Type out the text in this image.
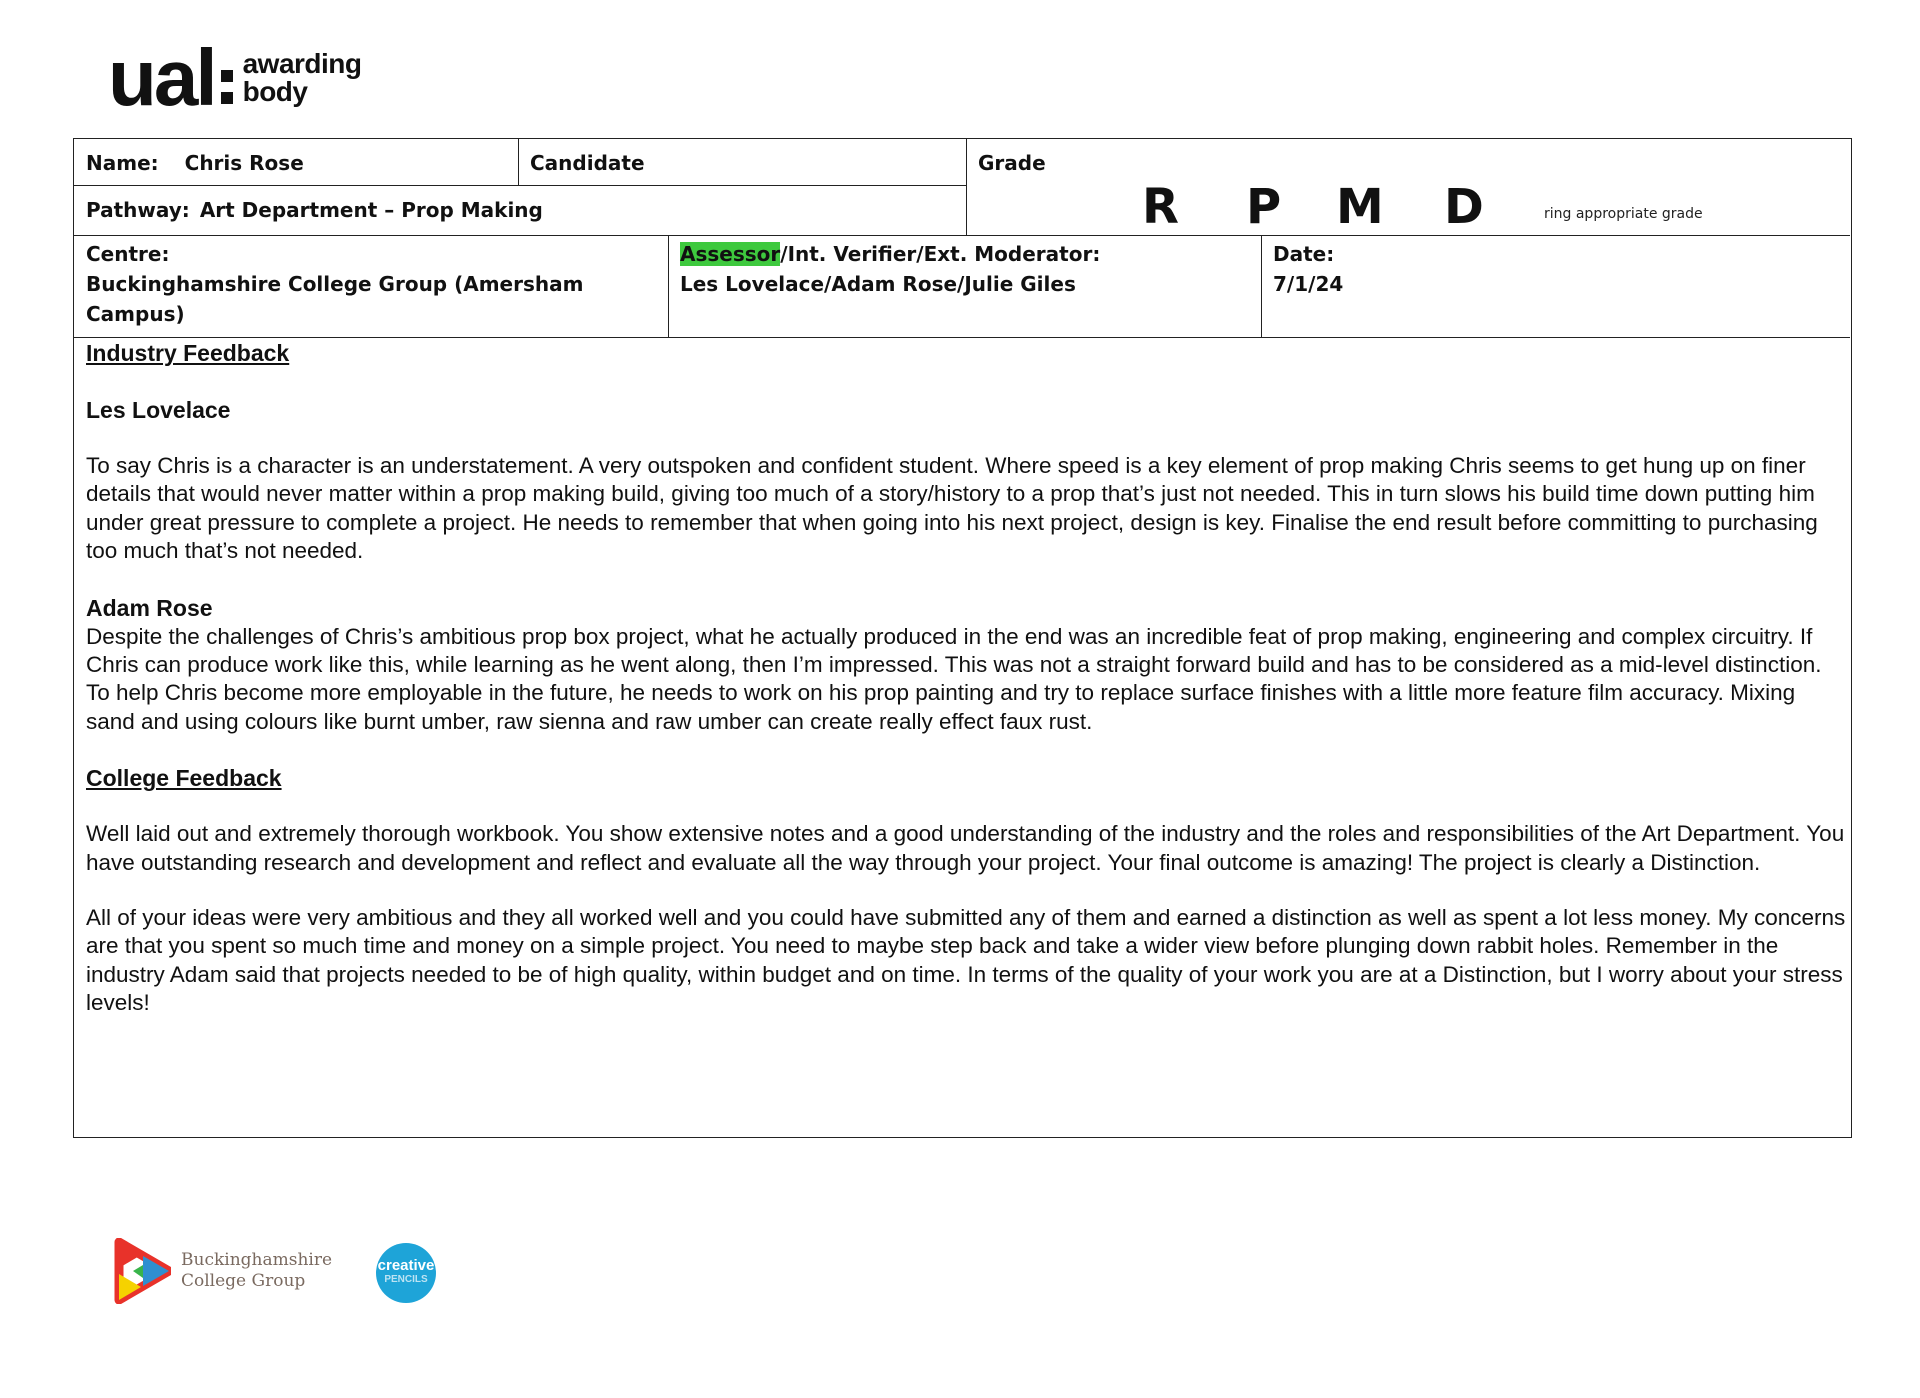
ual awarding
body
Name: Chris Rose	Candidate	Grade
R P M D	ring appropriate grade
Pathway: Art Department – Prop Making
Centre:
Buckinghamshire College Group (Amersham Campus)
Assessor/Int. Verifier/Ext. Moderator:
Les Lovelace/Adam Rose/Julie Giles
Date:
7/1/24
Industry Feedback
Les Lovelace

To say Chris is a character is an understatement. A very outspoken and confident student. Where speed is a key element of prop making Chris seems to get hung up on finer details that would never matter within a prop making build, giving too much of a story/history to a prop that’s just not needed. This in turn slows his build time down putting him under great pressure to complete a project. He needs to remember that when going into his next project, design is key. Finalise the end result before committing to purchasing too much that’s not needed.

Adam Rose

Despite the challenges of Chris’s ambitious prop box project, what he actually produced in the end was an incredible feat of prop making, engineering and complex circuitry. If Chris can produce work like this, while learning as he went along, then I’m impressed. This was not a straight forward build and has to be considered as a mid-level distinction. To help Chris become more employable in the future, he needs to work on his prop painting and try to replace surface finishes with a little more feature film accuracy. Mixing sand and using colours like burnt umber, raw sienna and raw umber can create really effect faux rust.

College Feedback

Well laid out and extremely thorough workbook. You show extensive notes and a good understanding of the industry and the roles and responsibilities of the Art Department. You have outstanding research and development and reflect and evaluate all the way through your project. Your final outcome is amazing! The project is clearly a Distinction.

All of your ideas were very ambitious and they all worked well and you could have submitted any of them and earned a distinction as well as spent a lot less money. My concerns are that you spent so much time and money on a simple project. You need to maybe step back and take a wider view before plunging down rabbit holes. Remember in the industry Adam said that projects needed to be of high quality, within budget and on time. In terms of the quality of your work you are at a Distinction, but I worry about your stress levels!

Buckinghamshire
College Group
creative
PENCILS
